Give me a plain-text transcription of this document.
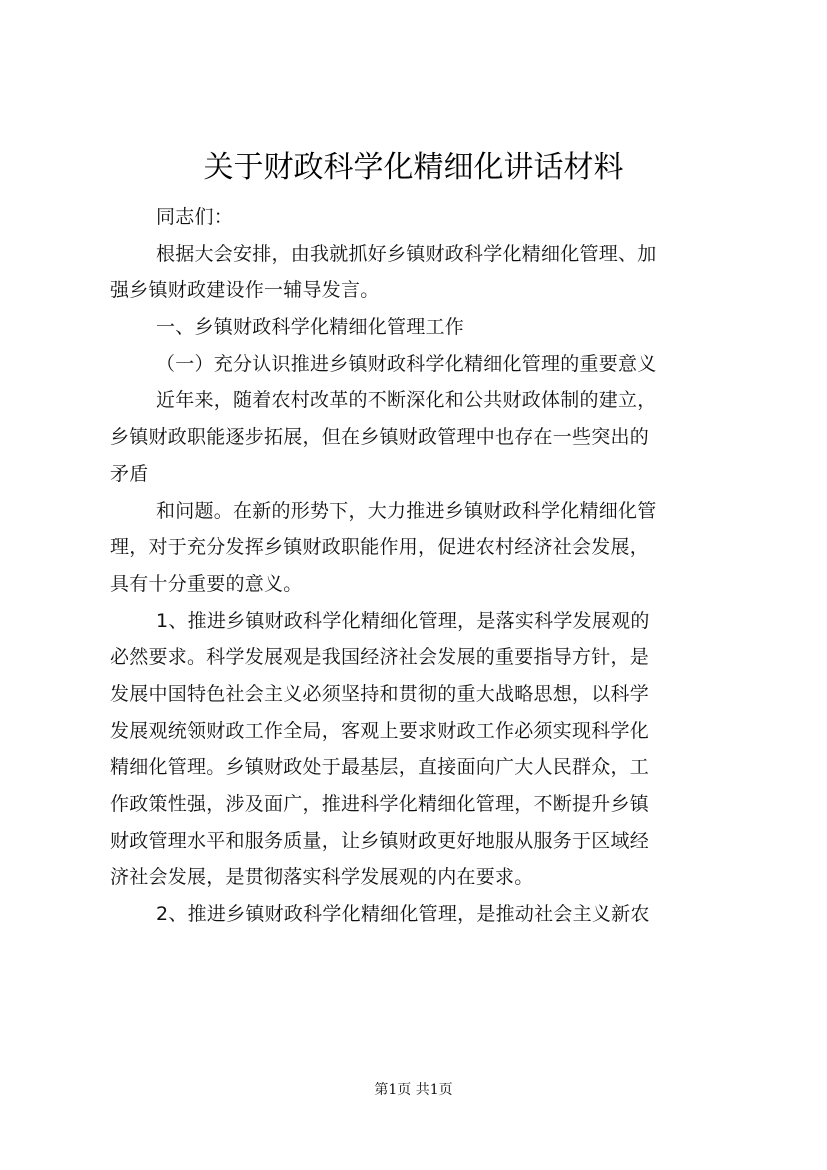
关于财政科学化精细化讲话材料
同志们：
根据大会安排，由我就抓好乡镇财政科学化精细化管理、加
强乡镇财政建设作一辅导发言。
一、乡镇财政科学化精细化管理工作
（一）充分认识推进乡镇财政科学化精细化管理的重要意义
近年来，随着农村改革的不断深化和公共财政体制的建立，
乡镇财政职能逐步拓展，但在乡镇财政管理中也存在一些突出的
矛盾
和问题。在新的形势下，大力推进乡镇财政科学化精细化管
理，对于充分发挥乡镇财政职能作用，促进农村经济社会发展，
具有十分重要的意义。
1、推进乡镇财政科学化精细化管理，是落实科学发展观的
必然要求。科学发展观是我国经济社会发展的重要指导方针，是
发展中国特色社会主义必须坚持和贯彻的重大战略思想，以科学
发展观统领财政工作全局，客观上要求财政工作必须实现科学化
精细化管理。乡镇财政处于最基层，直接面向广大人民群众，工
作政策性强，涉及面广，推进科学化精细化管理，不断提升乡镇
财政管理水平和服务质量，让乡镇财政更好地服从服务于区域经
济社会发展，是贯彻落实科学发展观的内在要求。
2、推进乡镇财政科学化精细化管理，是推动社会主义新农
第1页 共1页
